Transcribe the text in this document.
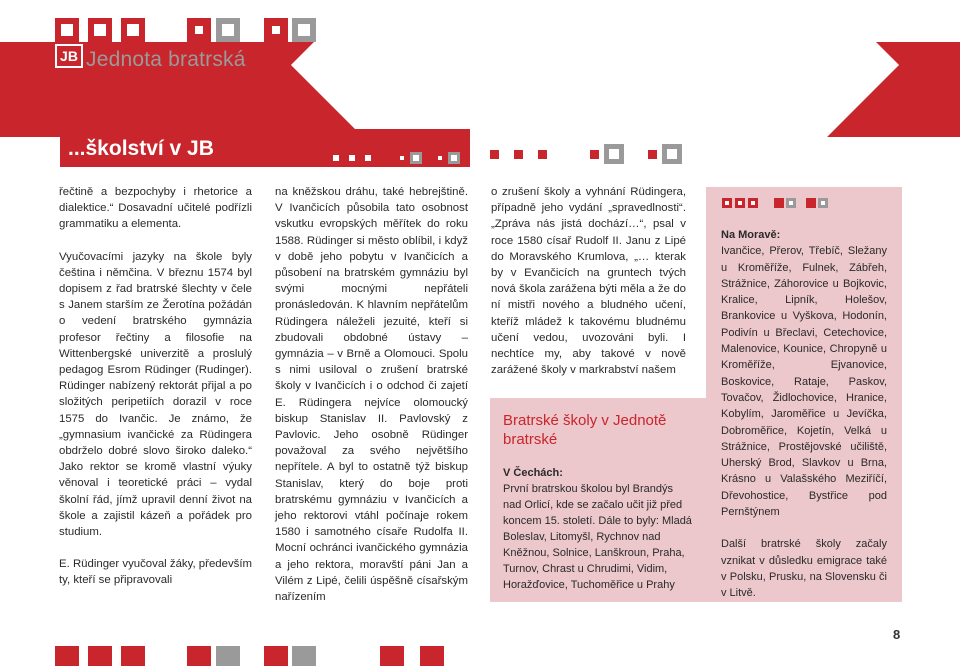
JB Jednota bratrská
...školství v JB

řečtině a bezpochyby i rhetorice a dialektice.“ Dosavadní učitelé podřízli grammatiku a elementa.

Vyučovacími jazyky na škole byly čeština i němčina. V březnu 1574 byl dopisem z řad bratrské šlechty v čele s Janem starším ze Žerotína požádán o vedení bratrského gymnázia profesor řečtiny a filosofie na Wittenbergské univerzitě a proslulý pedagog Esrom Rüdinger (Rudinger). Rüdinger nabízený rektorát přijal a po složitých peripetiích dorazil v roce 1575 do Ivančic. Je známo, že „gymnasium ivančické za Rüdingera obdrželo dobré slovo široko daleko.“ Jako rektor se kromě vlastní výuky věnoval i teoretické práci – vydal školní řád, jímž upravil denní život na škole a zajistil kázeň a pořádek pro studium.

E. Rüdinger vyučoval žáky, především ty, kteří se připravovali

na kněžskou dráhu, také hebrejštině. V Ivančicích působila tato osobnost vskutku evropských měřítek do roku 1588. Rüdinger si město oblíbil, i když v době jeho pobytu v Ivančicích a působení na bratrském gymnáziu byl svými mocnými nepřáteli pronásledován. K hlavním nepřátelům Rüdingera náleželi jezuité, kteří si zbudovali obdobné ústavy – gymnázia – v Brně a Olomouci. Spolu s nimi usiloval o zrušení bratrské školy v Ivančicích i o odchod či zajetí E. Rüdingera nejvíce olomoucký biskup Stanislav II. Pavlovský z Pavlovic. Jeho osobně Rüdinger považoval za svého největšího nepřítele. A byl to ostatně týž biskup Stanislav, který do boje proti bratrskému gymnáziu v Ivančicích a jeho rektorovi vtáhl počínaje rokem 1580 i samotného císaře Rudolfa II. Mocní ochránci ivančického gymnázia a jeho rektora, moravští páni Jan a Vilém z Lipé, čelili úspěšně císařským nařízením

o zrušení školy a vyhnání Rüdingera, případně jeho vydání „spravedlnosti“. „Zpráva nás jistá dochází…“, psal v roce 1580 císař Rudolf II. Janu z Lipé do Moravského Krumlova, „… kterak by v Evančicích na gruntech tvých nová škola zarážena býti měla a že do ní mistři nového a bludného učení, kteříž mládež k takovému bludnému učení vedou, uvozováni byli. I nechtíce my, aby takové v nově zarážené školy v markrabství našem

Bratrské školy v Jednotě bratrské
V Čechách:
První bratrskou školou byl Brandýs nad Orlicí, kde se začalo učit již před koncem 15. století. Dále to byly: Mladá Boleslav, Litomyšl, Rychnov nad Kněžnou, Solnice, Lanškroun, Praha, Turnov, Chrast u Chrudimi, Vidim, Horažďovice, Tuchoměřice u Prahy
Na Moravě:
Ivančice, Přerov, Třebíč, Sležany u Kroměříže, Fulnek, Zábřeh, Strážnice, Záhorovice u Bojkovic, Kralice, Lipník, Holešov, Brankovice u Vyškova, Hodonín, Podivín u Břeclavi, Cetechovice, Malenovice, Kounice, Chropyně u Kroměříže, Ejvanovice, Boskovice, Rataje, Paskov, Tovačov, Židlochovice, Hranice, Kobylím, Jaroměřice u Jevíčka, Dobroměřice, Kojetín, Velká u Strážnice, Prostějovské učiliště, Uherský Brod, Slavkov u Brna, Krásno u Valašského Meziříčí, Dřevohostice, Bystřice pod Pernštýnem
Další bratrské školy začaly vznikat v důsledku emigrace také v Polsku, Prusku, na Slovensku či v Litvě.
8
